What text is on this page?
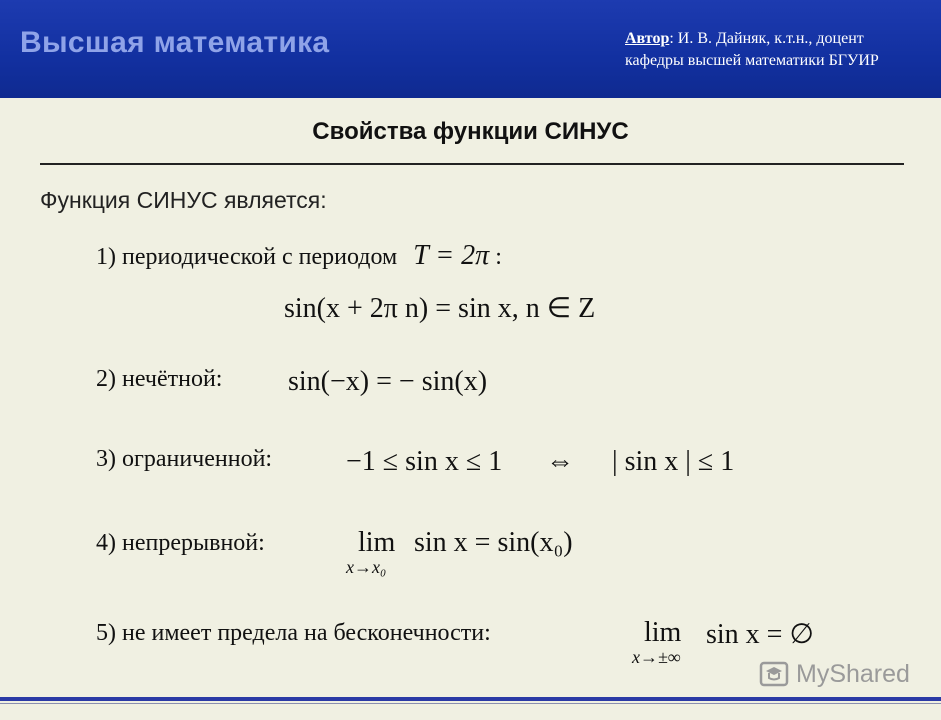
Высшая математика	Автор: И. В. Дайняк, к.т.н., доцент
кафедры высшей математики БГУИР
Свойства функции СИНУС
Функция СИНУС является:
1) периодической с периодом T = 2π :
sin(x + 2π n) = sin x, n ∈ Z
2) нечётной: sin(−x) = − sin(x)
3) ограниченной:	−1 ≤ sin x ≤ 1 ⇔ | sin x | ≤ 1
4) непрерывной:	lim
x→x₀
sin x = sin(x₀)
5) не имеет предела на бесконечности:	lim
x→±∞
sin x = ∅
MyShared
